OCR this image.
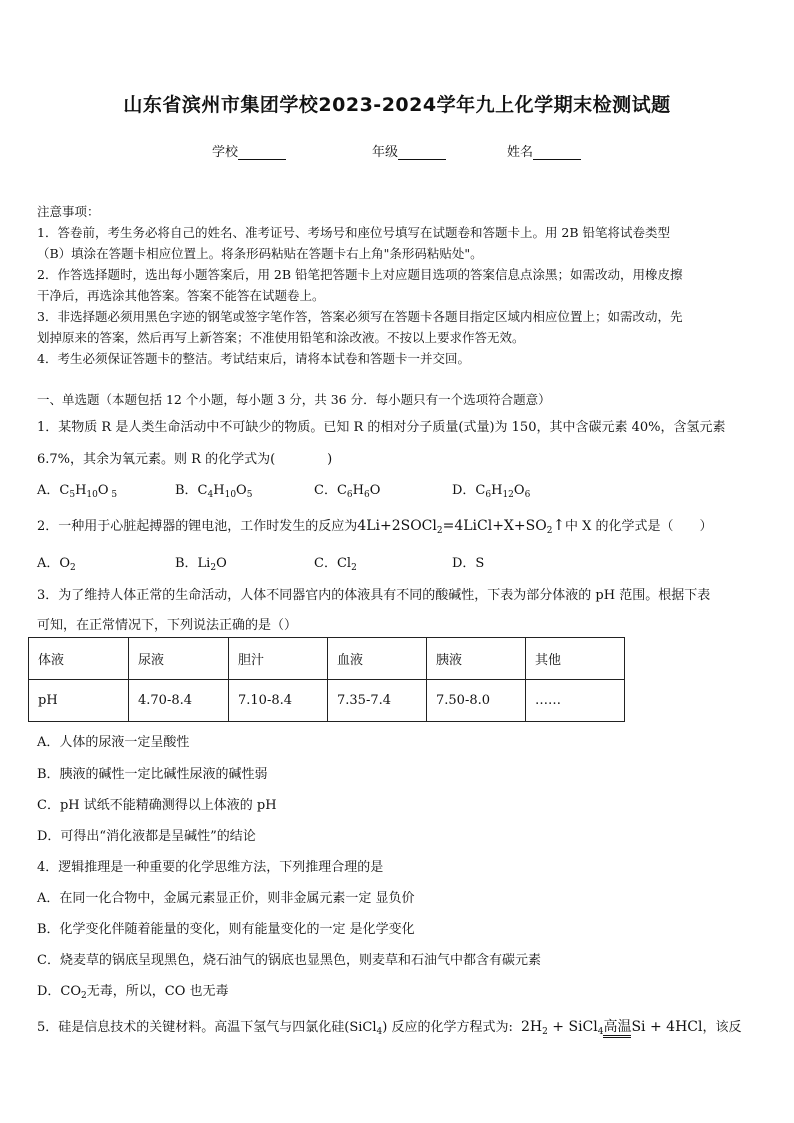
山东省滨州市集团学校2023-2024学年九上化学期末检测试题
学校	年级	姓名
注意事项：
1．答卷前，考生务必将自己的姓名、准考证号、考场号和座位号填写在试题卷和答题卡上。用 2B 铅笔将试卷类型
（B）填涂在答题卡相应位置上。将条形码粘贴在答题卡右上角"条形码粘贴处"。
2．作答选择题时，选出每小题答案后，用 2B 铅笔把答题卡上对应题目选项的答案信息点涂黑；如需改动，用橡皮擦
干净后，再选涂其他答案。答案不能答在试题卷上。
3．非选择题必须用黑色字迹的钢笔或签字笔作答，答案必须写在答题卡各题目指定区域内相应位置上；如需改动，先
划掉原来的答案，然后再写上新答案；不准使用铅笔和涂改液。不按以上要求作答无效。
4．考生必须保证答题卡的整洁。考试结束后，请将本试卷和答题卡一并交回。
一、单选题（本题包括 12 个小题，每小题 3 分，共 36 分．每小题只有一个选项符合题意）
1．某物质 R 是人类生命活动中不可缺少的物质。已知 R 的相对分子质量(式量)为 150，其中含碳元素 40%，含氢元素
6.7%，其余为氧元素。则 R 的化学式为(　　　　)
A．$C_5H_{10}O$ $_5$	B．$C_4H_{10}O_5$	C．$C_6H_6O$	D．$C_6H_{12}O_6$
2．一种用于心脏起搏器的锂电池，工作时发生的反应为$4Li+2SOCl_2=4LiCl+X+SO_2↑$中 X 的化学式是（　　）
A．$O_2$	B．$Li_2O$	C．$Cl_2$	D．S
3．为了维持人体正常的生命活动，人体不同器官内的体液具有不同的酸碱性，下表为部分体液的 pH 范围。根据下表
可知，在正常情况下，下列说法正确的是（）
体液	尿液	胆汁	血液	胰液	其他
pH	4.70-8.4	7.10-8.4	7.35-7.4	7.50-8.0	……
A．人体的尿液一定呈酸性
B．胰液的碱性一定比碱性尿液的碱性弱
C．pH 试纸不能精确测得以上体液的 pH
D．可得出“消化液都是呈碱性”的结论
4．逻辑推理是一种重要的化学思维方法，下列推理合理的是
A．在同一化合物中，金属元素显正价，则非金属元素一定 显负价
B．化学变化伴随着能量的变化，则有能量变化的一定 是化学变化
C．烧麦草的锅底呈现黑色，烧石油气的锅底也显黑色，则麦草和石油气中都含有碳元素
D．$CO_2$无毒，所以，CO 也无毒
5．硅是信息技术的关键材料。高温下氢气与四氯化硅(SiCl$_4$) 反应的化学方程式为: $2H_2$ + SiCl$_4$高温Si + 4HCl，该反
